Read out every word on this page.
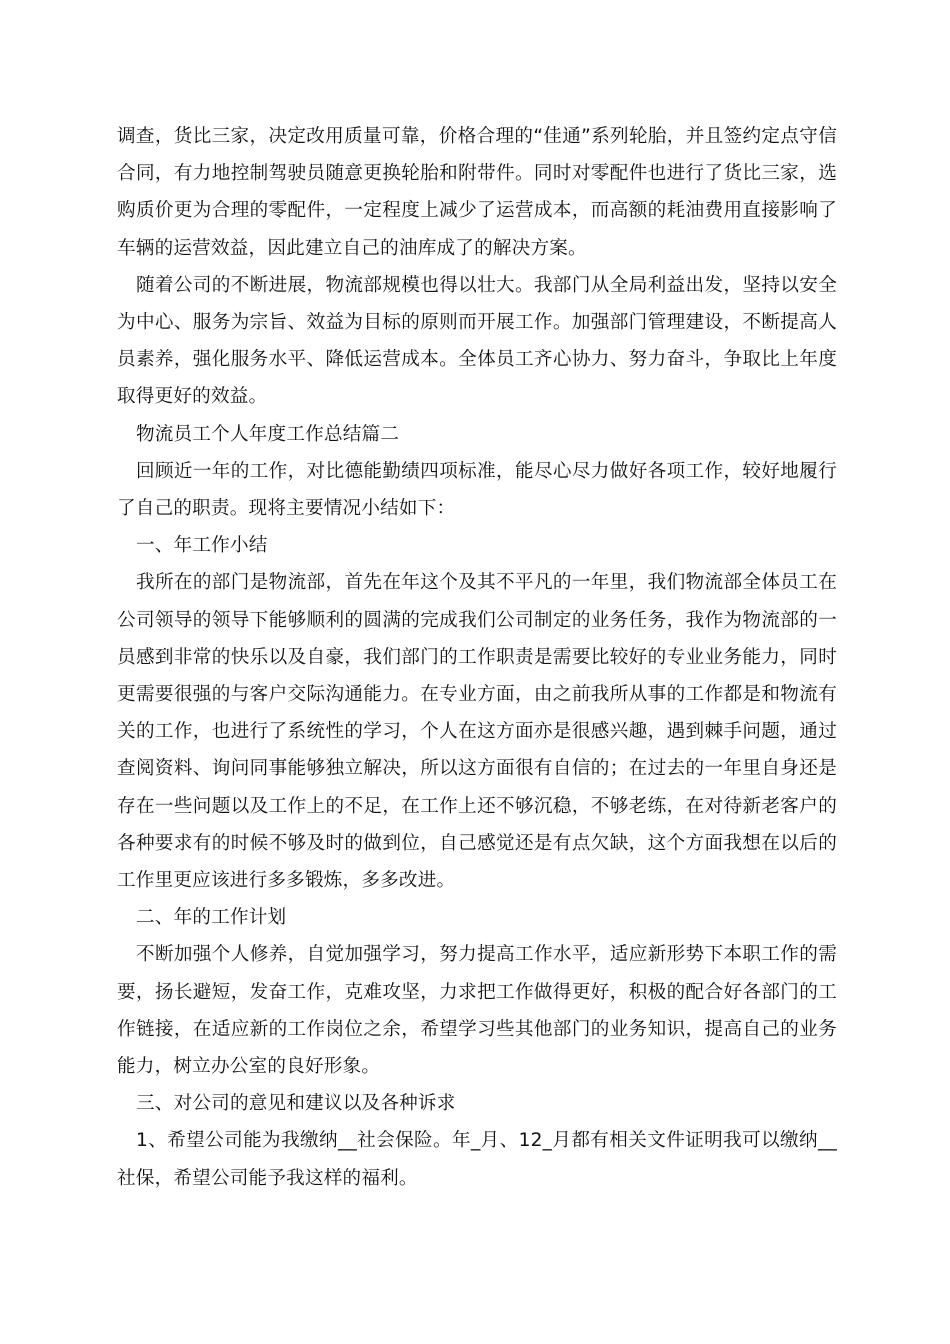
调查，货比三家，决定改用质量可靠，价格合理的“佳通”系列轮胎，并且签约定点守信合同，有力地控制驾驶员随意更换轮胎和附带件。同时对零配件也进行了货比三家，选购质价更为合理的零配件，一定程度上减少了运营成本，而高额的耗油费用直接影响了车辆的运营效益，因此建立自己的油库成了的解决方案。

随着公司的不断进展，物流部规模也得以壮大。我部门从全局利益出发，坚持以安全为中心、服务为宗旨、效益为目标的原则而开展工作。加强部门管理建设，不断提高人员素养，强化服务水平、降低运营成本。全体员工齐心协力、努力奋斗，争取比上年度取得更好的效益。

物流员工个人年度工作总结篇二

回顾近一年的工作，对比德能勤绩四项标准，能尽心尽力做好各项工作，较好地履行了自己的职责。现将主要情况小结如下：

一、年工作小结

我所在的部门是物流部，首先在年这个及其不平凡的一年里，我们物流部全体员工在公司领导的领导下能够顺利的圆满的完成我们公司制定的业务任务，我作为物流部的一员感到非常的快乐以及自豪，我们部门的工作职责是需要比较好的专业业务能力，同时更需要很强的与客户交际沟通能力。在专业方面，由之前我所从事的工作都是和物流有关的工作，也进行了系统性的学习，个人在这方面亦是很感兴趣，遇到棘手问题，通过查阅资料、询问同事能够独立解决，所以这方面很有自信的；在过去的一年里自身还是存在一些问题以及工作上的不足，在工作上还不够沉稳，不够老练，在对待新老客户的各种要求有的时候不够及时的做到位，自己感觉还是有点欠缺，这个方面我想在以后的工作里更应该进行多多锻炼，多多改进。

二、年的工作计划

不断加强个人修养，自觉加强学习，努力提高工作水平，适应新形势下本职工作的需要，扬长避短，发奋工作，克难攻坚，力求把工作做得更好，积极的配合好各部门的工作链接，在适应新的工作岗位之余，希望学习些其他部门的业务知识，提高自己的业务能力，树立办公室的良好形象。

三、对公司的意见和建议以及各种诉求

1、希望公司能为我缴纳__社会保险。年_月、12_月都有相关文件证明我可以缴纳__社保，希望公司能予我这样的福利。
